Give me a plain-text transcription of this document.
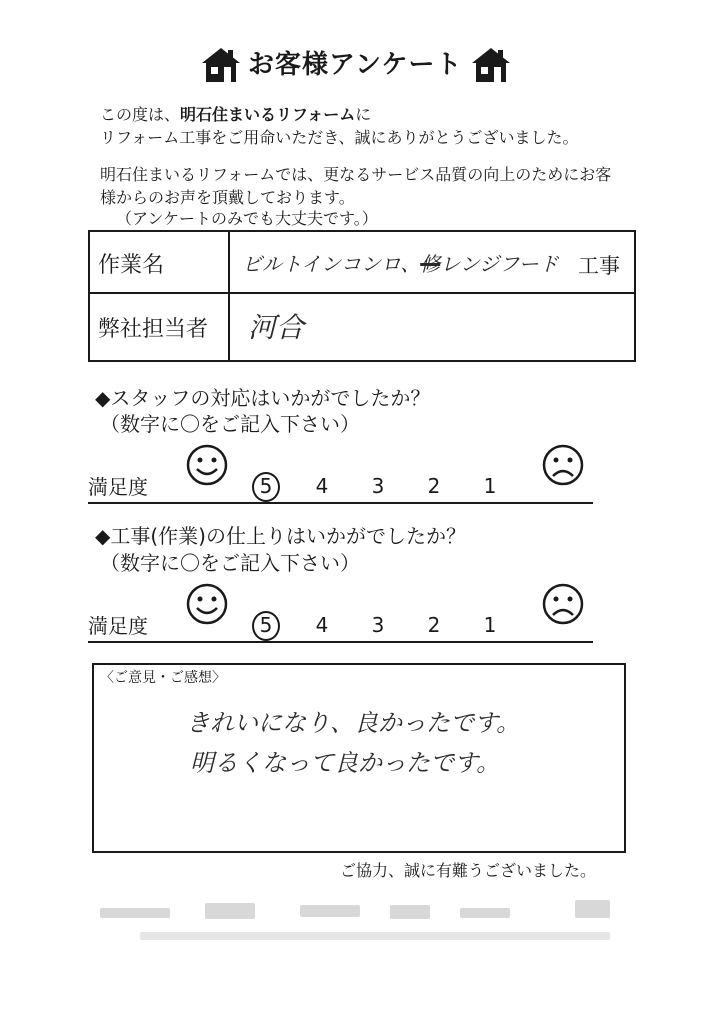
お客様アンケート
この度は、明石住まいるリフォームに
リフォーム工事をご用命いただき、誠にありがとうございました。
明石住まいるリフォームでは、更なるサービス品質の向上のためにお客
様からのお声を頂戴しております。
（アンケートのみでも大丈夫です。）
作業名	ビルトインコンロ、修レンジフード 工事
弊社担当者 河合
◆スタッフの対応はいかがでしたか？
（数字に〇をご記入下さい）
満足度	5 4 3 2 1
◆工事(作業)の仕上りはいかがでしたか？
（数字に〇をご記入下さい）
満足度	5 4 3 2 1
〈ご意見・ご感想〉
きれいになり、良かったです。
明るくなって良かったです。
ご協力、誠に有難うございました。
